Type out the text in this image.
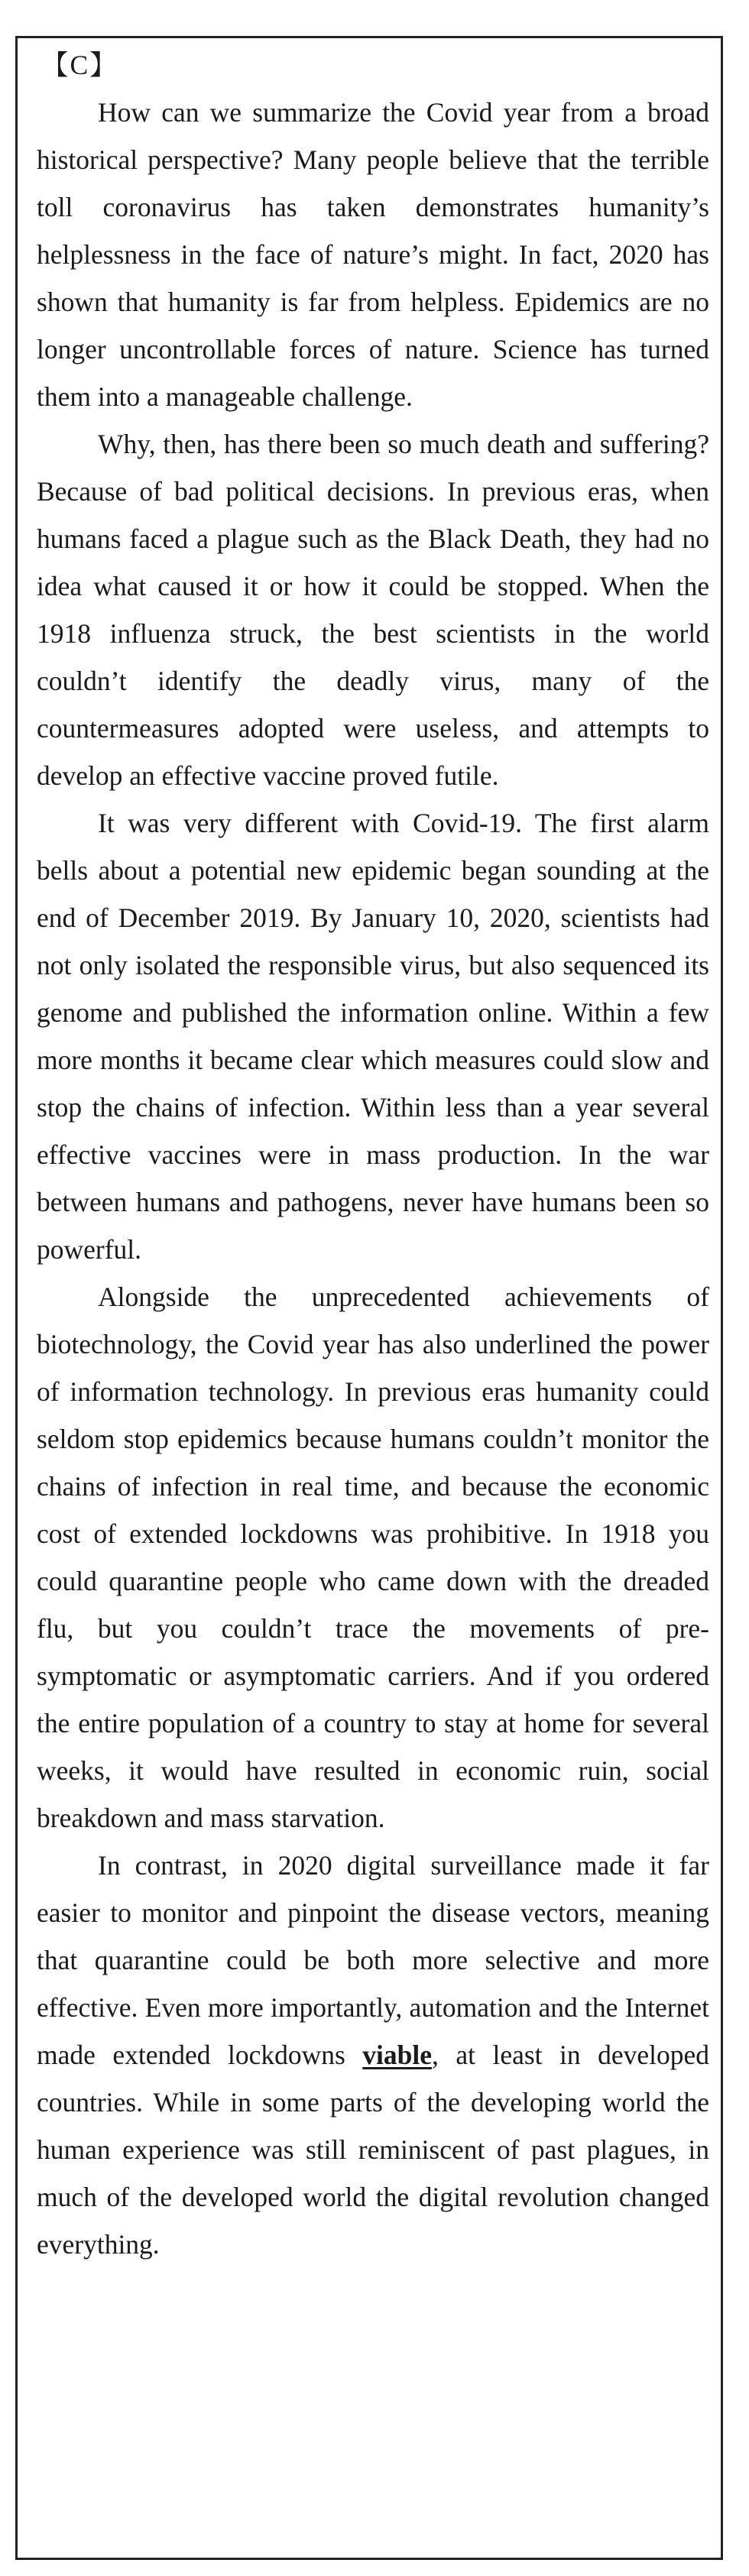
【C】

How can we summarize the Covid year from a broad historical perspective? Many people believe that the terrible toll coronavirus has taken demonstrates humanity’s helplessness in the face of nature’s might. In fact, 2020 has shown that humanity is far from helpless. Epidemics are no longer uncontrollable forces of nature. Science has turned them into a manageable challenge.

Why, then, has there been so much death and suffering? Because of bad political decisions. In previous eras, when humans faced a plague such as the Black Death, they had no idea what caused it or how it could be stopped. When the 1918 influenza struck, the best scientists in the world couldn’t identify the deadly virus, many of the countermeasures adopted were useless, and attempts to develop an effective vaccine proved futile.

It was very different with Covid-19. The first alarm bells about a potential new epidemic began sounding at the end of December 2019. By January 10, 2020, scientists had not only isolated the responsible virus, but also sequenced its genome and published the information online. Within a few more months it became clear which measures could slow and stop the chains of infection. Within less than a year several effective vaccines were in mass production. In the war between humans and pathogens, never have humans been so powerful.

Alongside the unprecedented achievements of biotechnology, the Covid year has also underlined the power of information technology. In previous eras humanity could seldom stop epidemics because humans couldn’t monitor the chains of infection in real time, and because the economic cost of extended lockdowns was prohibitive. In 1918 you could quarantine people who came down with the dreaded flu, but you couldn’t trace the movements of pre-symptomatic or asymptomatic carriers. And if you ordered the entire population of a country to stay at home for several weeks, it would have resulted in economic ruin, social breakdown and mass starvation.

In contrast, in 2020 digital surveillance made it far easier to monitor and pinpoint the disease vectors, meaning that quarantine could be both more selective and more effective. Even more importantly, automation and the Internet made extended lockdowns viable, at least in developed countries. While in some parts of the developing world the human experience was still reminiscent of past plagues, in much of the developed world the digital revolution changed everything.
